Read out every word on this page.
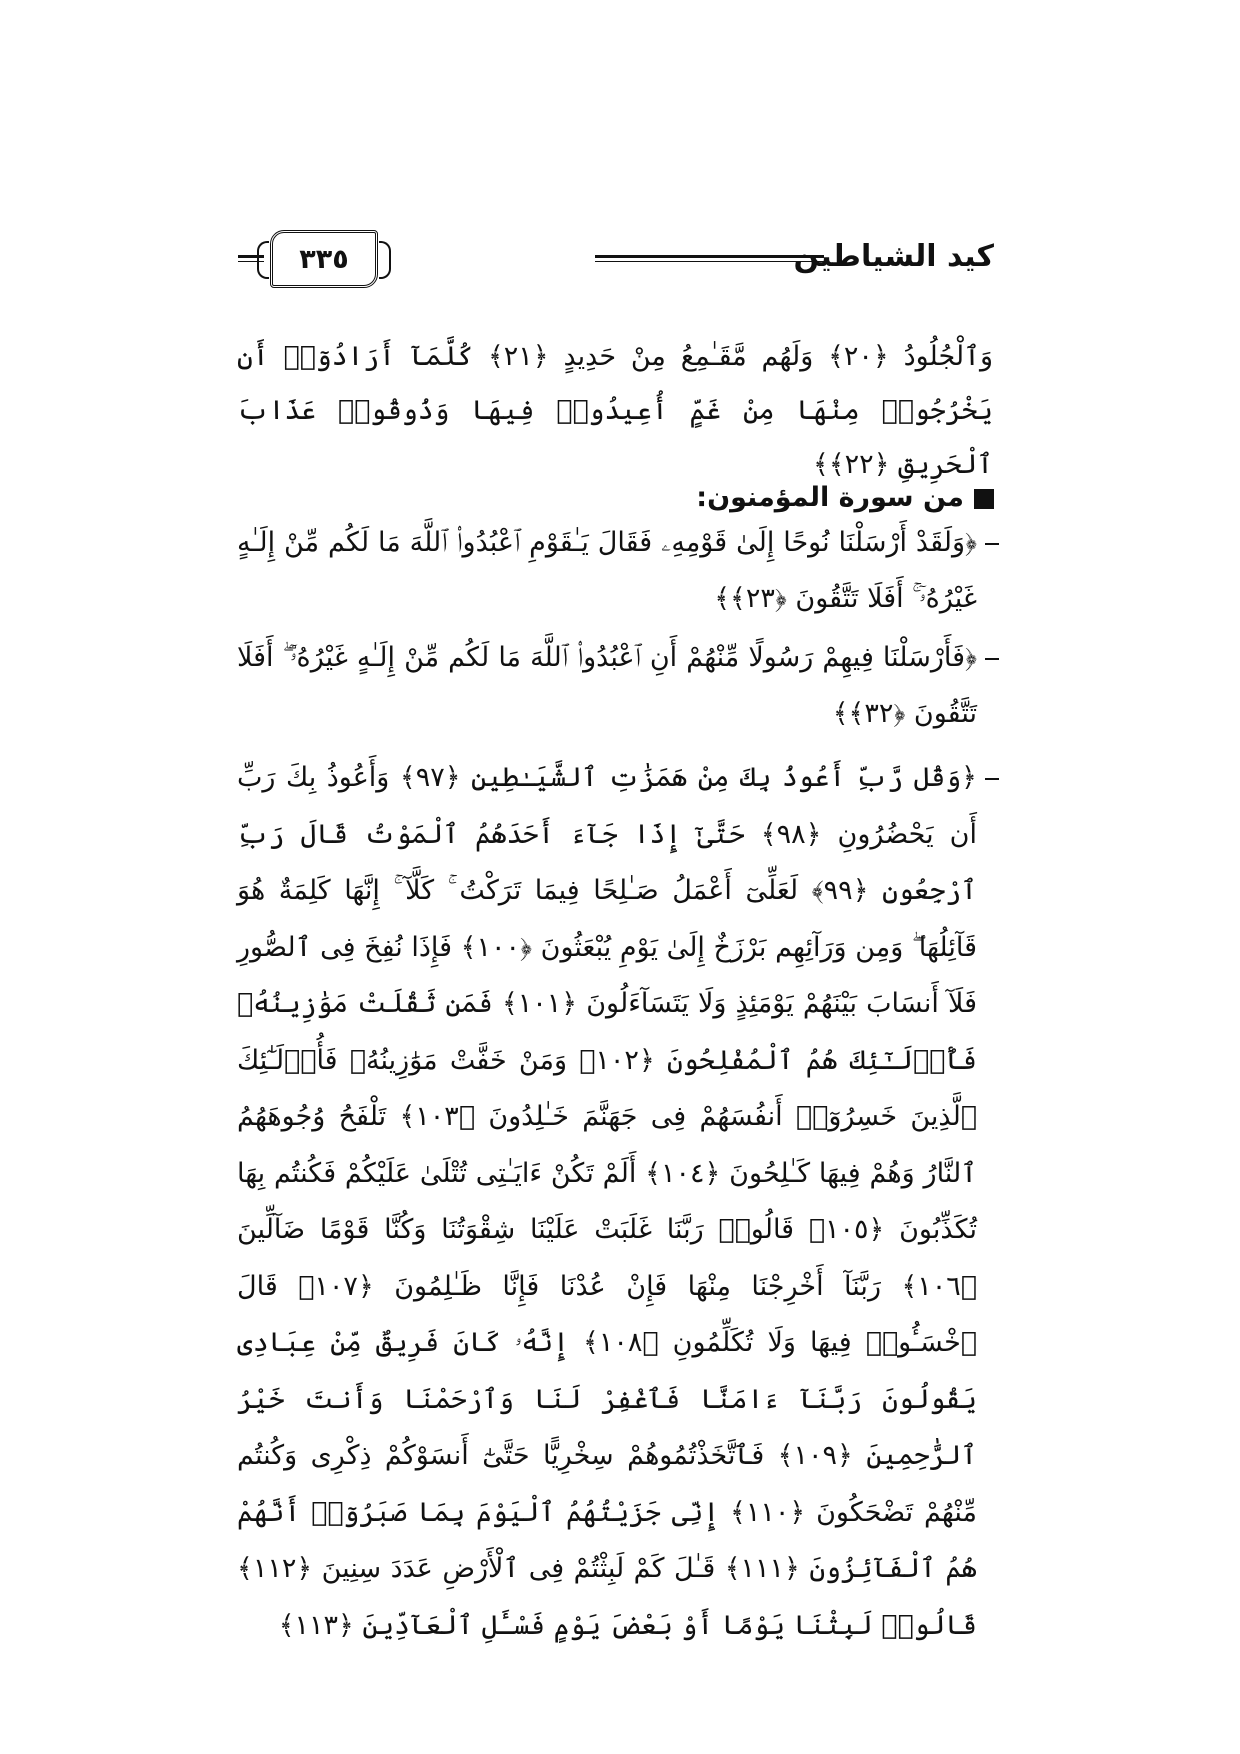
كيد الشياطين
٣٣٥

وَٱلْجُلُودُ ﴿٢٠﴾ وَلَهُم مَّقَـٰمِعُ مِنْ حَدِيدٍ ﴿٢١﴾ كُلَّمَآ أَرَادُوٓا۟ أَن يَخْرُجُوا۟ مِنْهَا مِنْ غَمٍّ أُعِيدُوا۟ فِيهَا وَذُوقُوا۟ عَذَابَ ٱلْحَرِيقِ ﴿٢٢﴾﴾

من سورة المؤمنون:

﴿وَلَقَدْ أَرْسَلْنَا نُوحًا إِلَىٰ قَوْمِهِۦ فَقَالَ يَـٰقَوْمِ ٱعْبُدُوا۟ ٱللَّهَ مَا لَكُم مِّنْ إِلَـٰهٍ غَيْرُهُۥٓ ۚ أَفَلَا تَتَّقُونَ ﴿٢٣﴾﴾

﴿فَأَرْسَلْنَا فِيهِمْ رَسُولًا مِّنْهُمْ أَنِ ٱعْبُدُوا۟ ٱللَّهَ مَا لَكُم مِّنْ إِلَـٰهٍ غَيْرُهُۥٓ ۖ أَفَلَا تَتَّقُونَ ﴿٣٢﴾﴾

﴿وَقُل رَّبِّ أَعُوذُ بِكَ مِنْ هَمَزَٰتِ ٱلشَّيَـٰطِينِ ﴿٩٧﴾ وَأَعُوذُ بِكَ رَبِّ أَن يَحْضُرُونِ ﴿٩٨﴾ حَتَّىٰٓ إِذَا جَآءَ أَحَدَهُمُ ٱلْمَوْتُ قَالَ رَبِّ ٱرْجِعُونِ ﴿٩٩﴾ لَعَلِّىٓ أَعْمَلُ صَـٰلِحًا فِيمَا تَرَكْتُ ۚ كَلَّآ ۚ إِنَّهَا كَلِمَةٌ هُوَ قَآئِلُهَا ۖ وَمِن وَرَآئِهِم بَرْزَخٌ إِلَىٰ يَوْمِ يُبْعَثُونَ ﴿١٠٠﴾ فَإِذَا نُفِخَ فِى ٱلصُّورِ فَلَآ أَنسَابَ بَيْنَهُمْ يَوْمَئِذٍ وَلَا يَتَسَآءَلُونَ ﴿١٠١﴾ فَمَن ثَقُلَتْ مَوَٰزِينُهُۥ فَأُو۟لَـٰٓئِكَ هُمُ ٱلْمُفْلِحُونَ ﴿١٠٢﴾ وَمَنْ خَفَّتْ مَوَٰزِينُهُۥ فَأُو۟لَـٰٓئِكَ ٱلَّذِينَ خَسِرُوٓا۟ أَنفُسَهُمْ فِى جَهَنَّمَ خَـٰلِدُونَ ﴿١٠٣﴾ تَلْفَحُ وُجُوهَهُمُ ٱلنَّارُ وَهُمْ فِيهَا كَـٰلِحُونَ ﴿١٠٤﴾ أَلَمْ تَكُنْ ءَايَـٰتِى تُتْلَىٰ عَلَيْكُمْ فَكُنتُم بِهَا تُكَذِّبُونَ ﴿١٠٥﴾ قَالُوا۟ رَبَّنَا غَلَبَتْ عَلَيْنَا شِقْوَتُنَا وَكُنَّا قَوْمًا ضَآلِّينَ ﴿١٠٦﴾ رَبَّنَآ أَخْرِجْنَا مِنْهَا فَإِنْ عُدْنَا فَإِنَّا ظَـٰلِمُونَ ﴿١٠٧﴾ قَالَ ٱخْسَـُٔوا۟ فِيهَا وَلَا تُكَلِّمُونِ ﴿١٠٨﴾ إِنَّهُۥ كَانَ فَرِيقٌ مِّنْ عِبَادِى يَقُولُونَ رَبَّنَآ ءَامَنَّا فَٱغْفِرْ لَنَا وَٱرْحَمْنَا وَأَنتَ خَيْرُ ٱلرَّٰحِمِينَ ﴿١٠٩﴾ فَٱتَّخَذْتُمُوهُمْ سِخْرِيًّا حَتَّىٰٓ أَنسَوْكُمْ ذِكْرِى وَكُنتُم مِّنْهُمْ تَضْحَكُونَ ﴿١١٠﴾ إِنِّى جَزَيْتُهُمُ ٱلْيَوْمَ بِمَا صَبَرُوٓا۟ أَنَّهُمْ هُمُ ٱلْفَآئِزُونَ ﴿١١١﴾ قَـٰلَ كَمْ لَبِثْتُمْ فِى ٱلْأَرْضِ عَدَدَ سِنِينَ ﴿١١٢﴾ قَالُوا۟ لَبِثْنَا يَوْمًا أَوْ بَعْضَ يَوْمٍ فَسْـَٔلِ ٱلْعَآدِّينَ ﴿١١٣﴾
